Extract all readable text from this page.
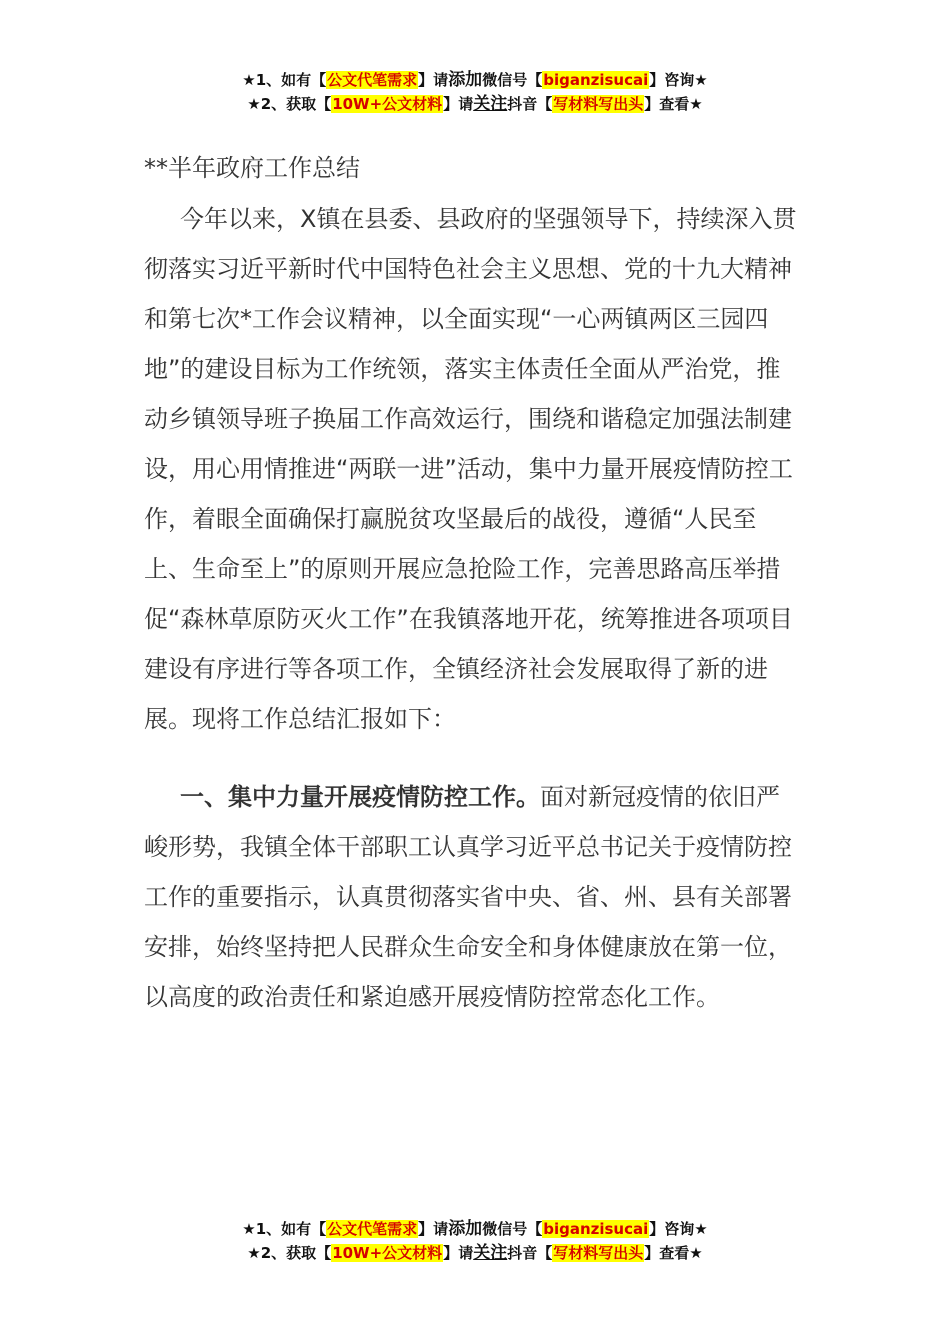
★1、如有【公文代笔需求】请添加微信号【biganzisucai】咨询★
★2、获取【10W+公文材料】请关注抖音【写材料写出头】查看★
**半年政府工作总结

今年以来，X镇在县委、县政府的坚强领导下，持续深入贯彻落实习近平新时代中国特色社会主义思想、党的十九大精神和第七次*工作会议精神，以全面实现“一心两镇两区三园四地”的建设目标为工作统领，落实主体责任全面从严治党，推动乡镇领导班子换届工作高效运行，围绕和谐稳定加强法制建设，用心用情推进“两联一进”活动，集中力量开展疫情防控工作，着眼全面确保打赢脱贫攻坚最后的战役，遵循“人民至上、生命至上”的原则开展应急抢险工作，完善思路高压举措促“森林草原防灭火工作”在我镇落地开花，统筹推进各项项目建设有序进行等各项工作，全镇经济社会发展取得了新的进展。现将工作总结汇报如下：

一、集中力量开展疫情防控工作。面对新冠疫情的依旧严峻形势，我镇全体干部职工认真学习近平总书记关于疫情防控工作的重要指示，认真贯彻落实省中央、省、州、县有关部署安排，始终坚持把人民群众生命安全和身体健康放在第一位，以高度的政治责任和紧迫感开展疫情防控常态化工作。

★1、如有【公文代笔需求】请添加微信号【biganzisucai】咨询★
★2、获取【10W+公文材料】请关注抖音【写材料写出头】查看★
